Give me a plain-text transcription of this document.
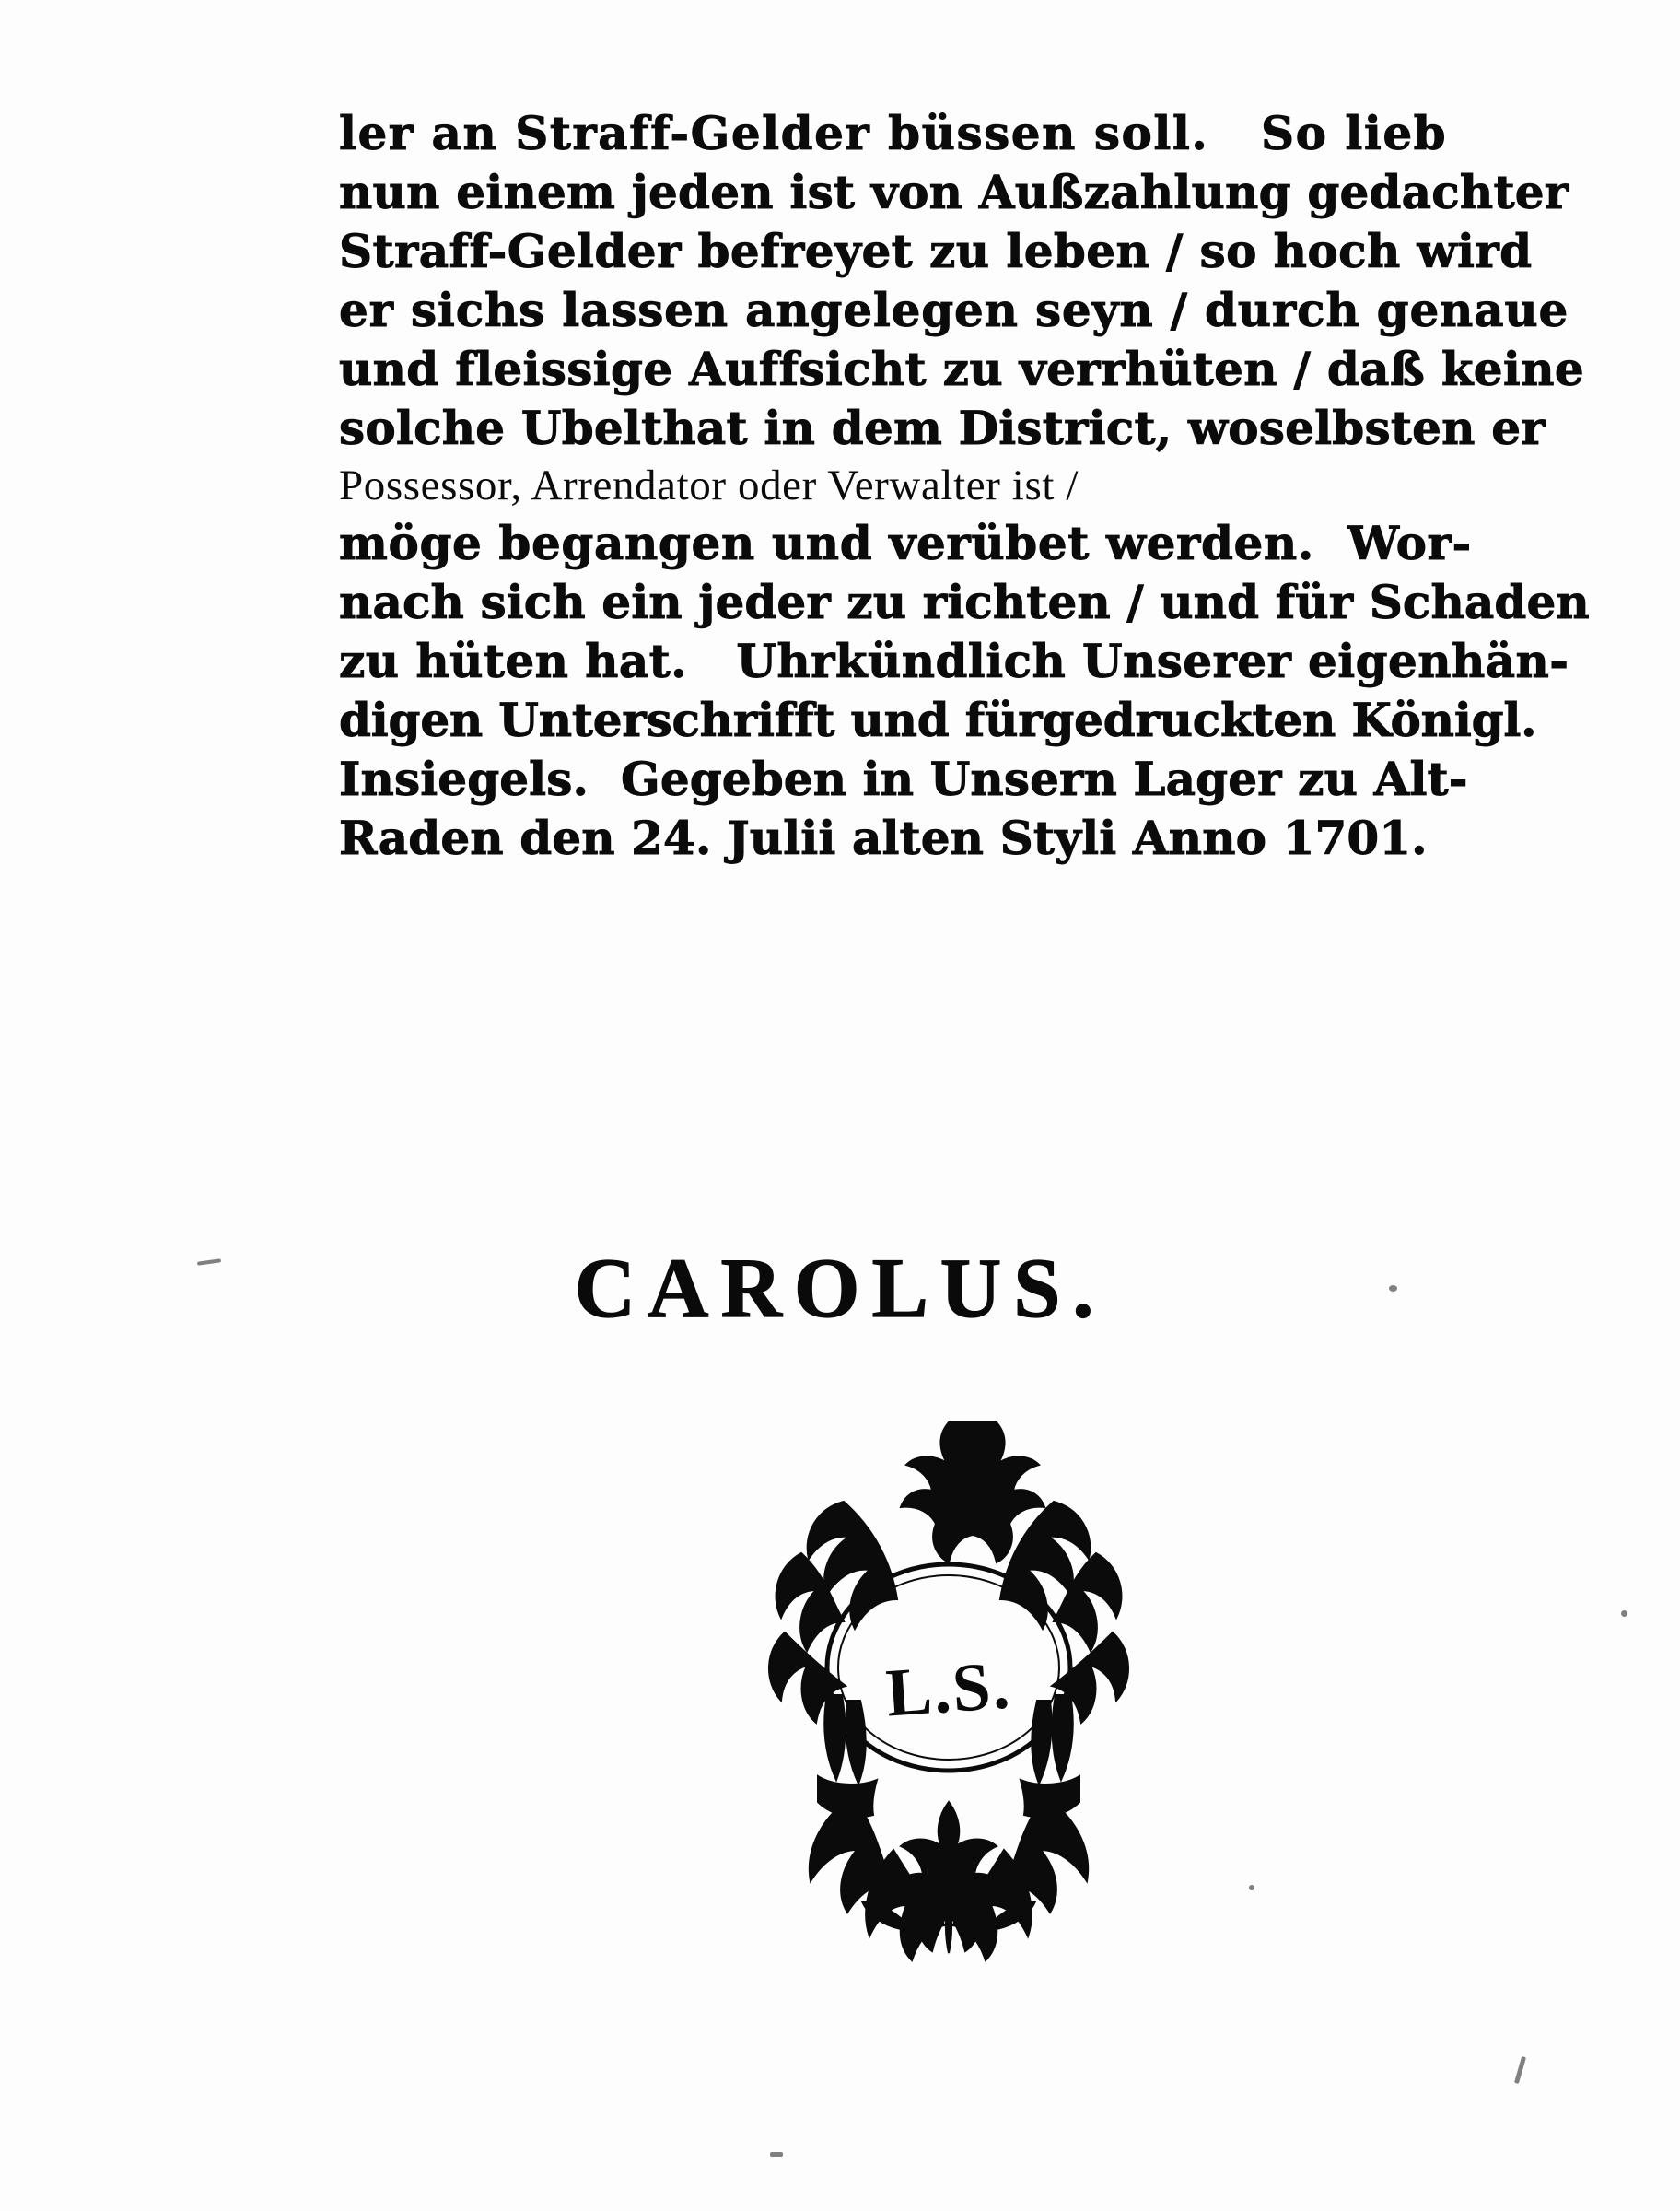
ler an Straff-Gelder büssen soll.   So lieb
nun einem jeden ist von Außzahlung gedachter
Straff-Gelder befreyet zu leben / so hoch wird
er sichs lassen angelegen seyn / durch genaue
und fleissige Auffsicht zu verrhüten / daß keine
solche Ubelthat in dem District, woselbsten er
Possessor, Arrendator oder Verwalter ist /
möge begangen und verübet werden.  Wor-
nach sich ein jeder zu richten / und für Schaden
zu hüten hat.   Uhrkündlich Unserer eigenhän-
digen Unterschrifft und fürgedruckten Königl.
Insiegels.  Gegeben in Unsern Lager zu Alt-
Raden den 24. Julii alten Styli Anno 1701.
CAROLUS.
L.S.
